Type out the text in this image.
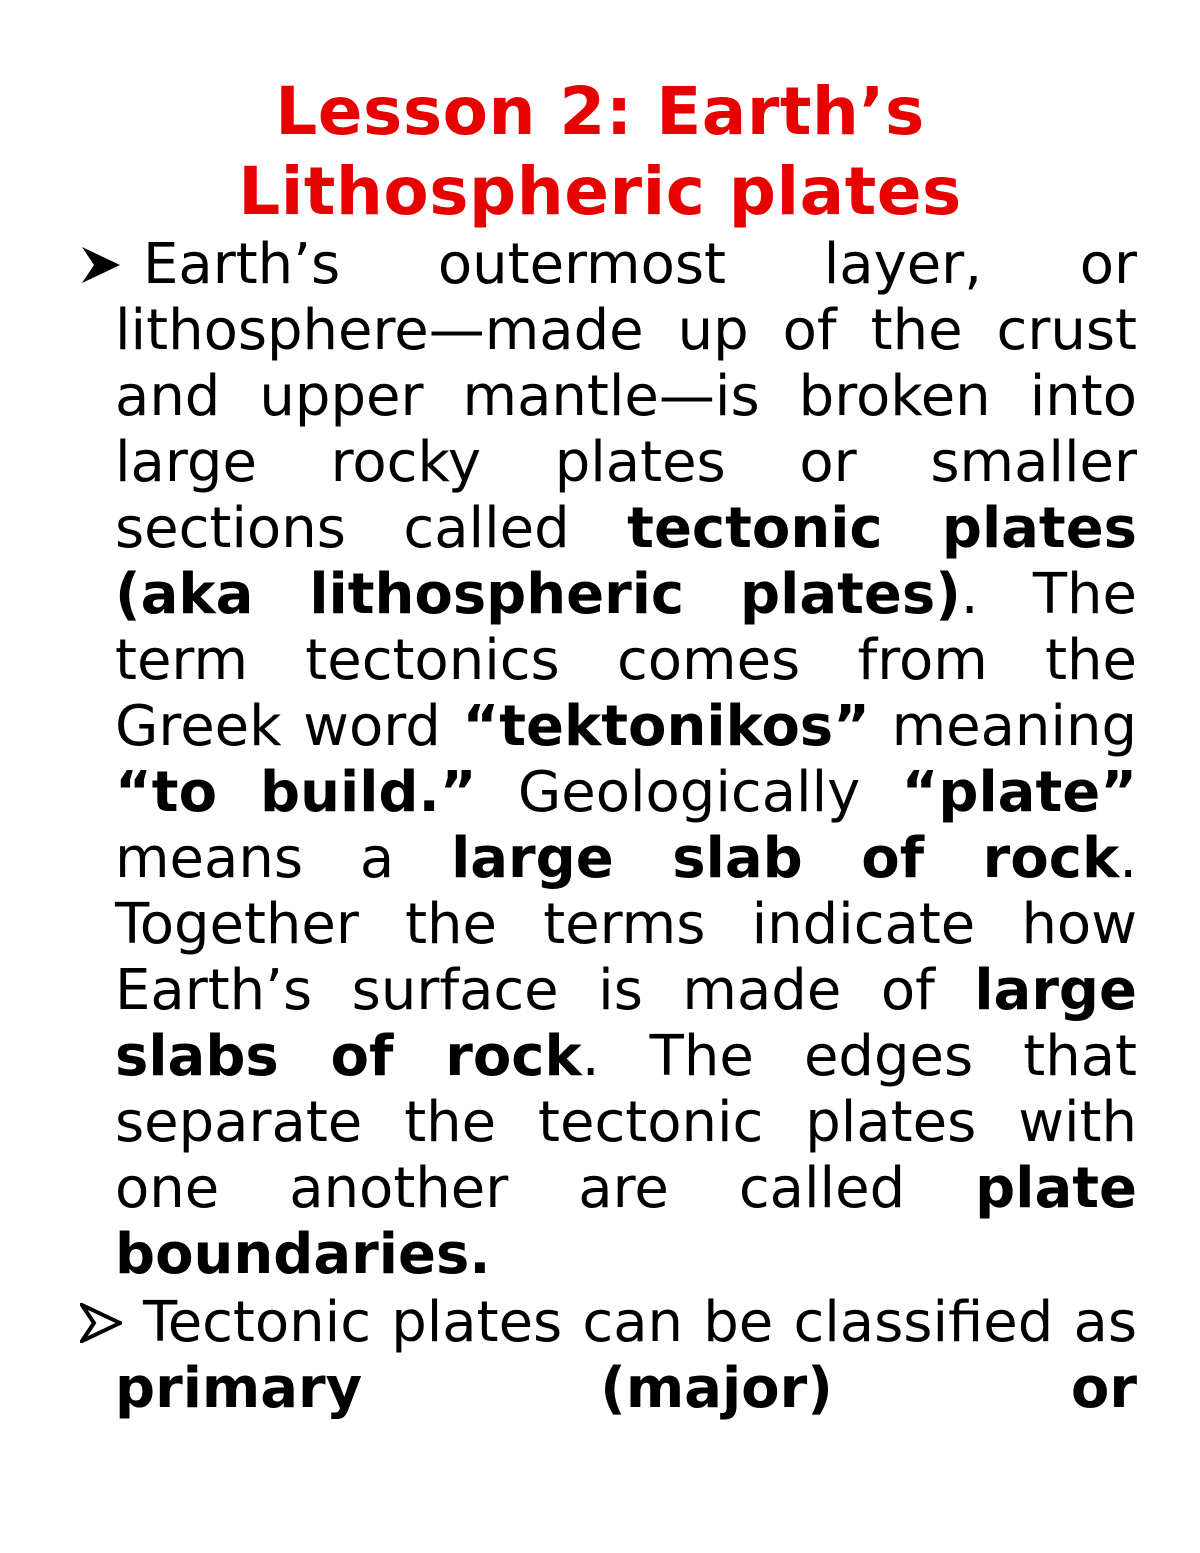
Lesson 2: Earth’s
Lithospheric plates

Earth’s outermost layer, or lithosphere—made up of the crust and upper mantle—is broken into large rocky plates or smaller sections called tectonic plates (aka lithospheric plates). The term tectonics comes from the Greek word “tektonikos” meaning “to build.” Geologically “plate” means a large slab of rock. Together the terms indicate how Earth’s surface is made of large slabs of rock. The edges that separate the tectonic plates with one another are called plate boundaries.

Tectonic plates can be classified as primary (major) or
